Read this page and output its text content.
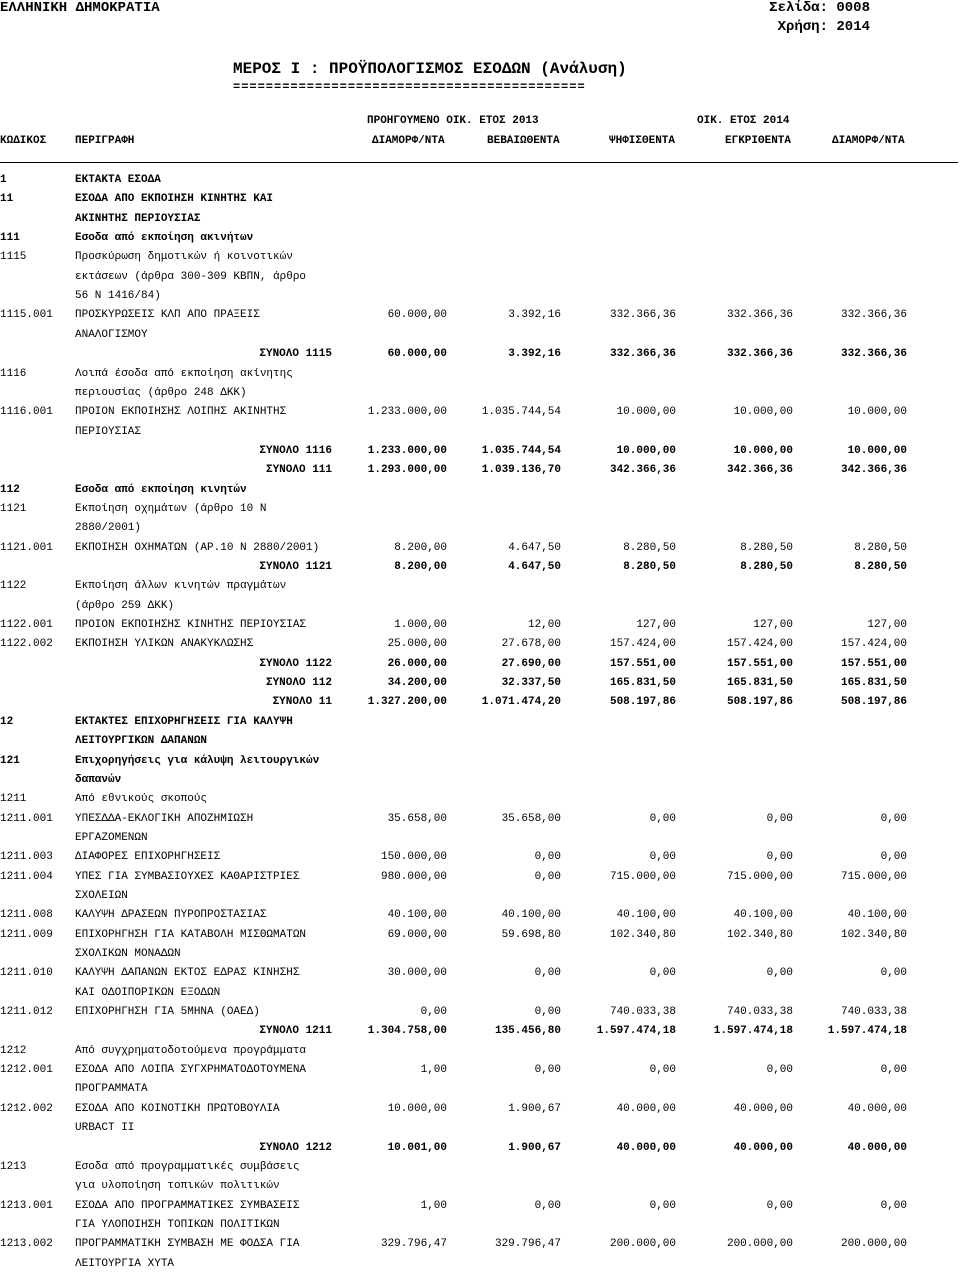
ΕΛΛΗΝΙΚΗ ΔΗΜΟΚΡΑΤΙΑ	Σελίδα: 0008
Χρήση: 2014
ΜΕΡΟΣ Ι : ΠΡΟΫΠΟΛΟΓΙΣΜΟΣ ΕΣΟΔΩΝ (Ανάλυση)
===========================================
ΠΡΟΗΓΟΥΜΕΝΟ ΟΙΚ. ΕΤΟΣ 2013	ΟΙΚ. ΕΤΟΣ 2014
ΚΩΔΙΚΟΣ	ΠΕΡΙΓΡΑΦΗ	ΔΙΑΜΟΡΦ/ΝΤΑ	ΒΕΒΑΙΩΘΕΝΤΑ	ΨΗΦΙΣΘΕΝΤΑ	ΕΓΚΡΙΘΕΝΤΑ	ΔΙΑΜΟΡΦ/ΝΤΑ
1	ΕΚΤΑΚΤΑ ΕΣΟΔΑ
11	ΕΣΟΔΑ ΑΠΟ ΕΚΠΟΙΗΣΗ ΚΙΝΗΤΗΣ ΚΑΙ
ΑΚΙΝΗΤΗΣ ΠΕΡΙΟΥΣΙΑΣ
111	Εσοδα από εκποίηση ακινήτων
1115	Προσκύρωση δημοτικών ή κοινοτικών
εκτάσεων (άρθρα 300-309 ΚΒΠΝ, άρθρο
56 Ν 1416/84)
1115.001 ΠΡΟΣΚΥΡΩΣΕΙΣ ΚΛΠ ΑΠΟ ΠΡΑΞΕΙΣ	60.000,00	3.392,16	332.366,36	332.366,36	332.366,36
ΑΝΑΛΟΓΙΣΜΟΥ
ΣΥΝΟΛΟ 1115	60.000,00	3.392,16	332.366,36	332.366,36	332.366,36
1116	Λοιπά έσοδα από εκποίηση ακίνητης
περιουσίας (άρθρο 248 ΔΚΚ)
1116.001 ΠΡΟΙΟΝ ΕΚΠΟΙΗΣΗΣ ΛΟΙΠΗΣ ΑΚΙΝΗΤΗΣ	1.233.000,00	1.035.744,54	10.000,00	10.000,00	10.000,00
ΠΕΡΙΟΥΣΙΑΣ
ΣΥΝΟΛΟ 1116	1.233.000,00	1.035.744,54	10.000,00	10.000,00	10.000,00
ΣΥΝΟΛΟ 111	1.293.000,00	1.039.136,70	342.366,36	342.366,36	342.366,36
112	Εσοδα από εκποίηση κινητών
1121	Εκποίηση οχημάτων (άρθρο 10 Ν
2880/2001)
1121.001 ΕΚΠΟΙΗΣΗ ΟΧΗΜΑΤΩΝ (ΑΡ.10 Ν 2880/2001)	8.200,00	4.647,50	8.280,50	8.280,50	8.280,50
ΣΥΝΟΛΟ 1121	8.200,00	4.647,50	8.280,50	8.280,50	8.280,50
1122	Εκποίηση άλλων κινητών πραγμάτων
(άρθρο 259 ΔΚΚ)
1122.001 ΠΡΟΙΟΝ ΕΚΠΟΙΗΣΗΣ ΚΙΝΗΤΗΣ ΠΕΡΙΟΥΣΙΑΣ	1.000,00	12,00	127,00	127,00	127,00
1122.002 ΕΚΠΟΙΗΣΗ ΥΛΙΚΩΝ ΑΝΑΚΥΚΛΩΣΗΣ	25.000,00	27.678,00	157.424,00	157.424,00	157.424,00
ΣΥΝΟΛΟ 1122	26.000,00	27.690,00	157.551,00	157.551,00	157.551,00
ΣΥΝΟΛΟ 112	34.200,00	32.337,50	165.831,50	165.831,50	165.831,50
ΣΥΝΟΛΟ 11	1.327.200,00	1.071.474,20	508.197,86	508.197,86	508.197,86
12	ΕΚΤΑΚΤΕΣ ΕΠΙΧΟΡΗΓΗΣΕΙΣ ΓΙΑ ΚΑΛΥΨΗ
ΛΕΙΤΟΥΡΓΙΚΩΝ ΔΑΠΑΝΩΝ
121	Επιχορηγήσεις για κάλυψη λειτουργικών
δαπανών
1211	Από εθνικούς σκοπούς
1211.001 ΥΠΕΣΔΔΑ-ΕΚΛΟΓΙΚΗ ΑΠΟΖΗΜΙΩΣΗ	35.658,00	35.658,00	0,00	0,00	0,00
ΕΡΓΑΖΟΜΕΝΩΝ
1211.003 ΔΙΑΦΟΡΕΣ ΕΠΙΧΟΡΗΓΗΣΕΙΣ	150.000,00	0,00	0,00	0,00	0,00
1211.004 ΥΠΕΣ ΓΙΑ ΣΥΜΒΑΣΙΟΥΧΕΣ ΚΑΘΑΡΙΣΤΡΙΕΣ	980.000,00	0,00	715.000,00	715.000,00	715.000,00
ΣΧΟΛΕΙΩΝ
1211.008 ΚΑΛΥΨΗ ΔΡΑΣΕΩΝ ΠΥΡΟΠΡΟΣΤΑΣΙΑΣ	40.100,00	40.100,00	40.100,00	40.100,00	40.100,00
1211.009 ΕΠΙΧΟΡΗΓΗΣΗ ΓΙΑ ΚΑΤΑΒΟΛΗ ΜΙΣΘΩΜΑΤΩΝ	69.000,00	59.698,80	102.340,80	102.340,80	102.340,80
ΣΧΟΛΙΚΩΝ ΜΟΝΑΔΩΝ
1211.010 ΚΑΛΥΨΗ ΔΑΠΑΝΩΝ ΕΚΤΟΣ ΕΔΡΑΣ ΚΙΝΗΣΗΣ	30.000,00	0,00	0,00	0,00	0,00
ΚΑΙ ΟΔΟΙΠΟΡΙΚΩΝ ΕΞΟΔΩΝ
1211.012 ΕΠΙΧΟΡΗΓΗΣΗ ΓΙΑ 5ΜΗΝΑ (ΟΑΕΔ)	0,00	0,00	740.033,38	740.033,38	740.033,38
ΣΥΝΟΛΟ 1211	1.304.758,00	135.456,80	1.597.474,18	1.597.474,18	1.597.474,18
1212	Από συγχρηματοδοτούμενα προγράμματα
1212.001 ΕΣΟΔΑ ΑΠΟ ΛΟΙΠΑ ΣΥΓΧΡΗΜΑΤΟΔΟΤΟΥΜΕΝΑ	1,00	0,00	0,00	0,00	0,00
ΠΡΟΓΡΑΜΜΑΤΑ
1212.002 ΕΣΟΔΑ ΑΠΟ ΚΟΙΝΟΤΙΚΗ ΠΡΩΤΟΒΟΥΛΙΑ	10.000,00	1.900,67	40.000,00	40.000,00	40.000,00
URBACT II
ΣΥΝΟΛΟ 1212	10.001,00	1.900,67	40.000,00	40.000,00	40.000,00
1213	Εσοδα από προγραμματικές συμβάσεις
για υλοποίηση τοπικών πολιτικών
1213.001 ΕΣΟΔΑ ΑΠΟ ΠΡΟΓΡΑΜΜΑΤΙΚΕΣ ΣΥΜΒΑΣΕΙΣ	1,00	0,00	0,00	0,00	0,00
ΓΙΑ ΥΛΟΠΟΙΗΣΗ ΤΟΠΙΚΩΝ ΠΟΛΙΤΙΚΩΝ
1213.002 ΠΡΟΓΡΑΜΜΑΤΙΚΗ ΣΥΜΒΑΣΗ ΜΕ ΦΟΔΣΑ ΓΙΑ	329.796,47	329.796,47	200.000,00	200.000,00	200.000,00
ΛΕΙΤΟΥΡΓΙΑ ΧΥΤΑ
